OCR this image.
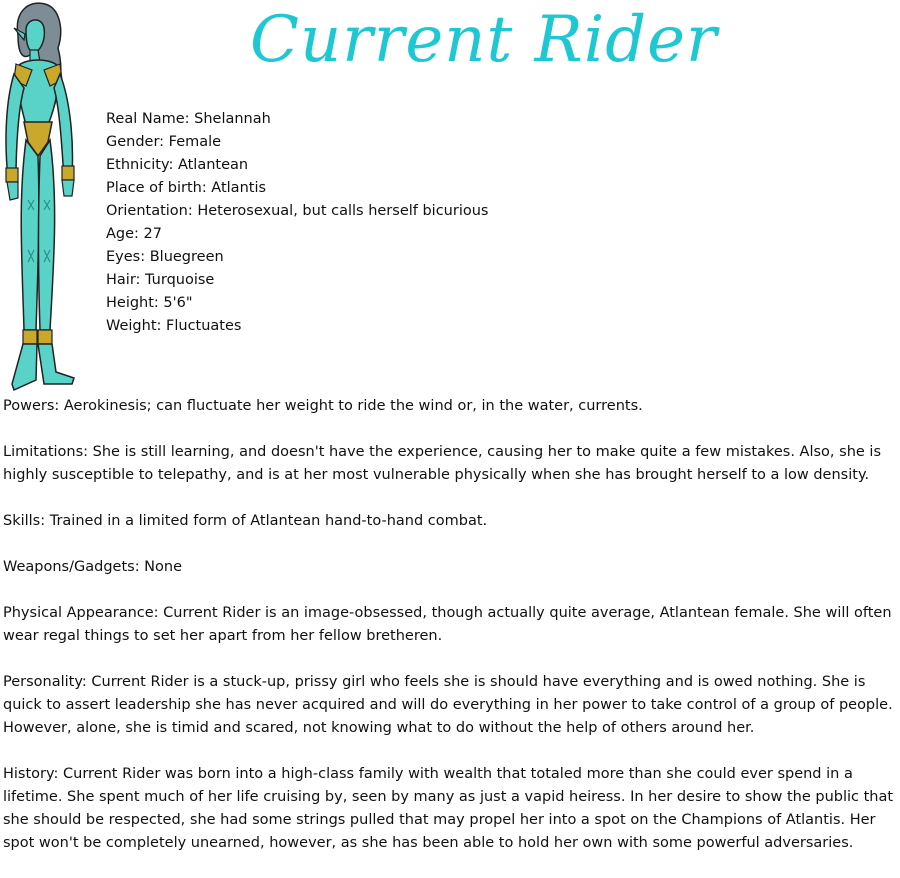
Current Rider
Real Name: Shelannah
Gender: Female
Ethnicity: Atlantean
Place of birth: Atlantis
Orientation: Heterosexual, but calls herself bicurious
Age: 27
Eyes: Bluegreen
Hair: Turquoise
Height: 5'6"
Weight: Fluctuates

Powers: Aerokinesis; can fluctuate her weight to ride the wind or, in the water, currents.

Limitations: She is still learning, and doesn't have the experience, causing her to make quite a few mistakes. Also, she is highly susceptible to telepathy, and is at her most vulnerable physically when she has brought herself to a low density.

Skills: Trained in a limited form of Atlantean hand-to-hand combat.

Weapons/Gadgets: None

Physical Appearance: Current Rider is an image-obsessed, though actually quite average, Atlantean female. She will often wear regal things to set her apart from her fellow bretheren.

Personality: Current Rider is a stuck-up, prissy girl who feels she is should have everything and is owed nothing. She is quick to assert leadership she has never acquired and will do everything in her power to take control of a group of people. However, alone, she is timid and scared, not knowing what to do without the help of others around her.

History: Current Rider was born into a high-class family with wealth that totaled more than she could ever spend in a lifetime. She spent much of her life cruising by, seen by many as just a vapid heiress. In her desire to show the public that she should be respected, she had some strings pulled that may propel her into a spot on the Champions of Atlantis. Her spot won't be completely unearned, however, as she has been able to hold her own with some powerful adversaries.
